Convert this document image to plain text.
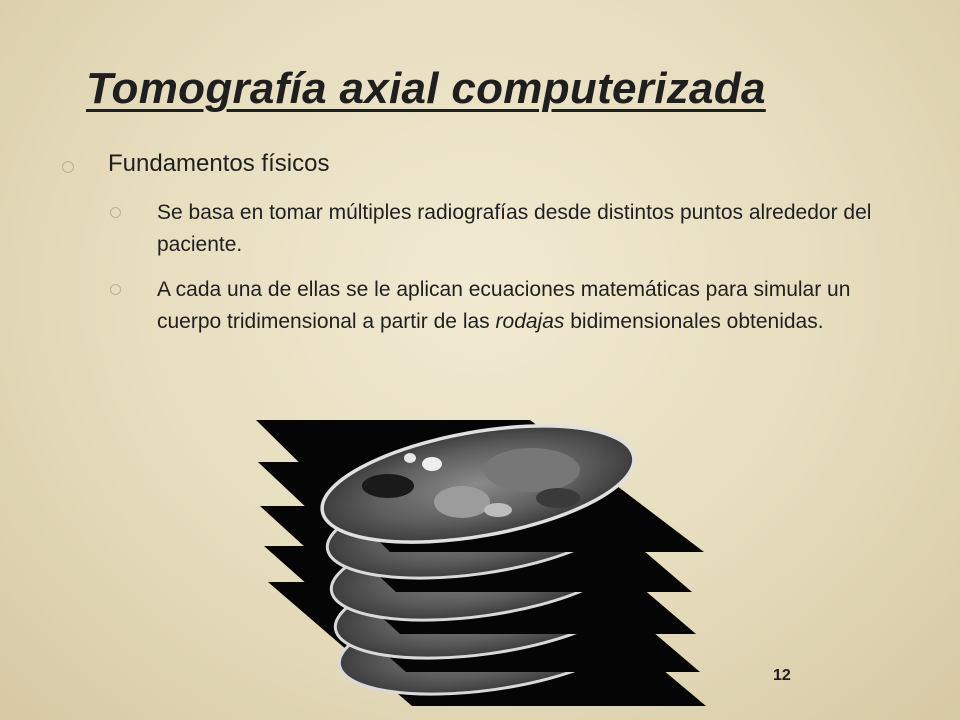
Tomografía axial computerizada
Fundamentos físicos
Se basa en tomar múltiples radiografías desde distintos puntos alrededor del paciente.
A cada una de ellas se le aplican ecuaciones matemáticas para simular un cuerpo tridimensional a partir de las rodajas bidimensionales obtenidas.
12
